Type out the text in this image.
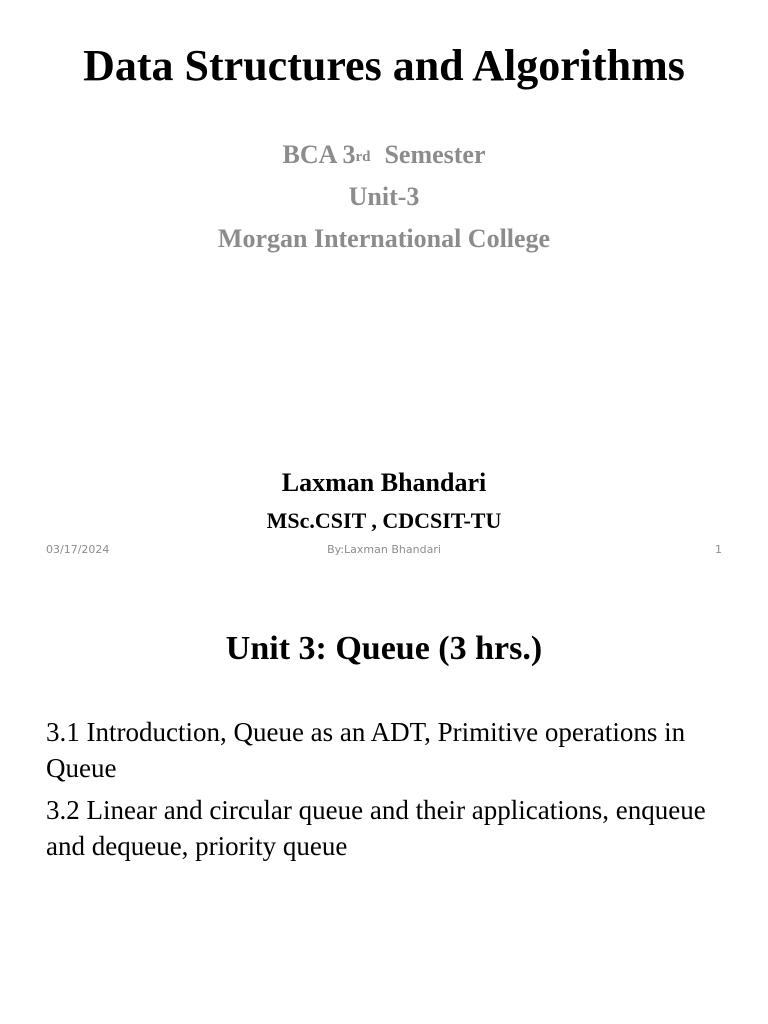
Data Structures and Algorithms

BCA 3rd Semester

Unit-3

Morgan International College

Laxman Bhandari

MSc.CSIT , CDCSIT-TU

03/17/2024	By:Laxman Bhandari	1
Unit 3: Queue (3 hrs.)
3.1 Introduction, Queue as an ADT, Primitive operations in Queue
3.2 Linear and circular queue and their applications, enqueue and dequeue, priority queue
